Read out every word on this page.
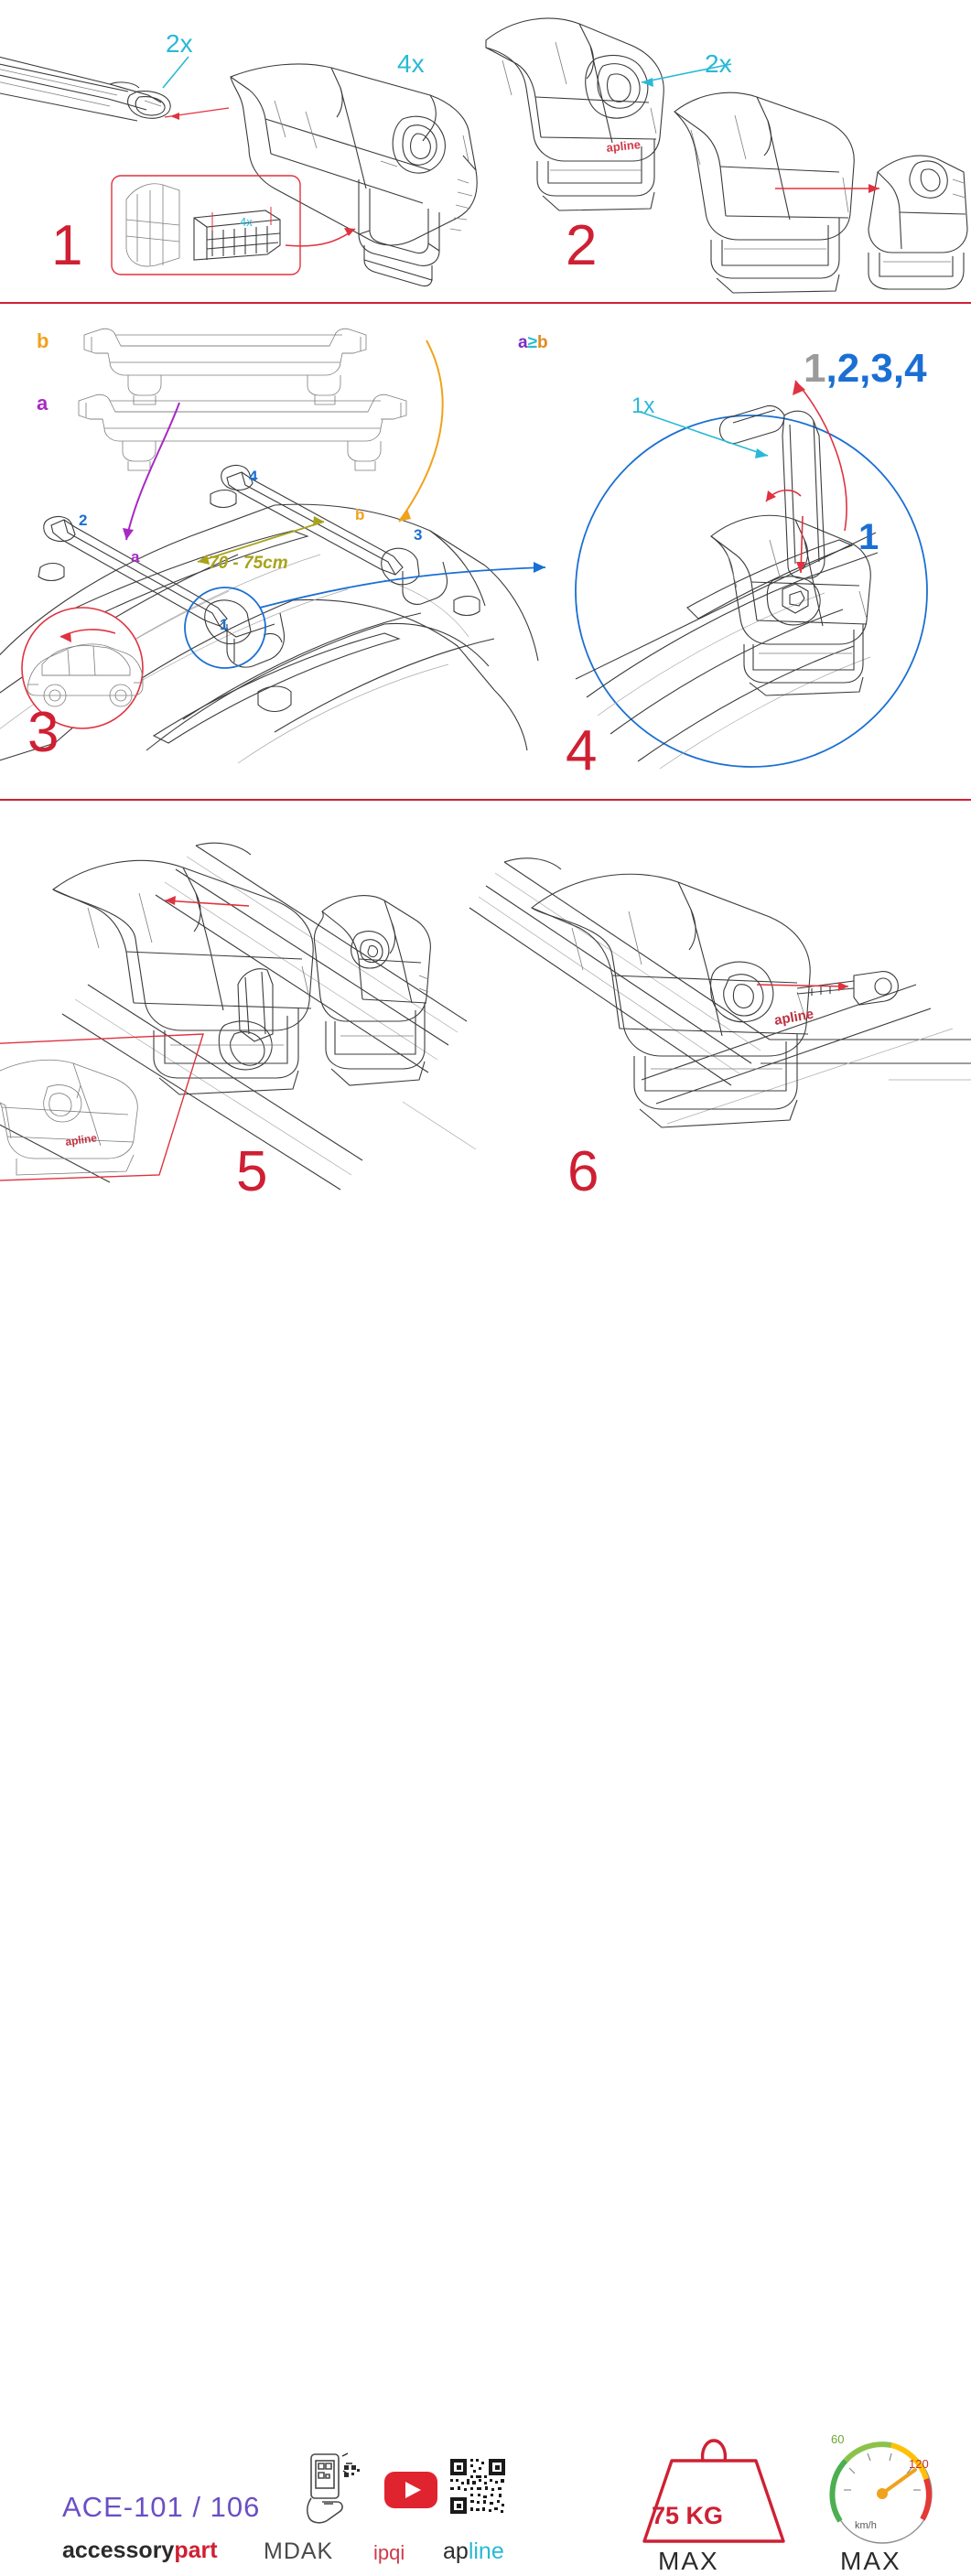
1
2x
4x
4x
apline
2
2x
3
b
a
a
b
70 - 75cm
2
4
3
1
4
a≥b
1x
1,2,3,4
1
apline
5
apline
6
ACE-101 / 106
accessorypart MDAK ipqi apline
75 KG
MAX
60
120
km/h
MAX
